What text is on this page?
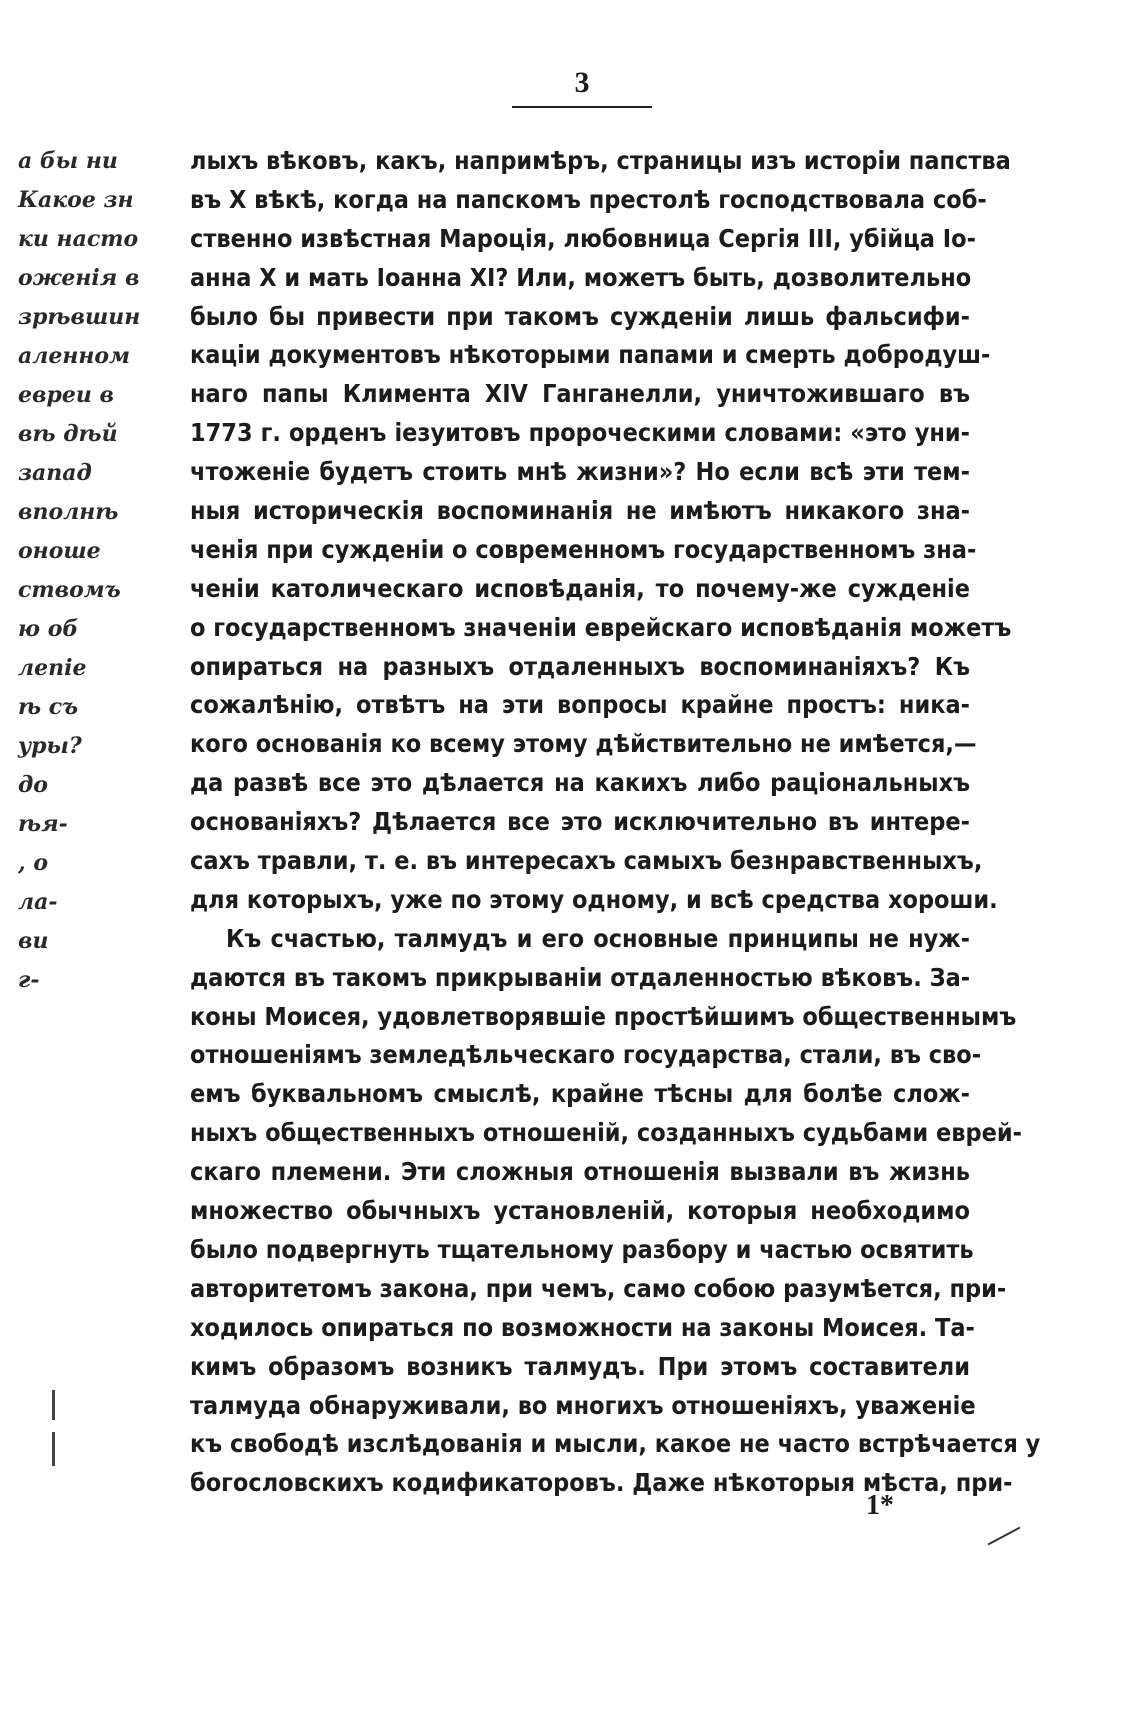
3
а бы ни
Какое зн
ки насто
оженія в
зрѣвшин
аленном
евреи в
вѣ дѣй
запад
вполнѣ
оноше
ствомъ
ю об
лепіе
ѣ съ
уры?
до
ѣя-
, о
ла-
ви
г-
лыхъ вѣковъ, какъ, напримѣръ, страницы изъ исторіи папства
въ X вѣкѣ, когда на папскомъ престолѣ господствовала соб-
ственно извѣстная Мароція, любовница Сергія III, убійца Іо-
анна X и мать Іоанна XI? Или, можетъ быть, дозволительно
было бы привести при такомъ сужденіи лишь фальсифи-
каціи документовъ нѣкоторыми папами и смерть добродуш-
наго папы Климента XIV Ганганелли, уничтожившаго въ
1773 г. орденъ іезуитовъ пророческими словами: «это уни-
чтоженіе будетъ стоить мнѣ жизни»? Но если всѣ эти тем-
ныя историческія воспоминанія не имѣютъ никакого зна-
ченія при сужденіи о современномъ государственномъ зна-
ченіи католическаго исповѣданія, то почему-же сужденіе
о государственномъ значеніи еврейскаго исповѣданія можетъ
опираться на разныхъ отдаленныхъ воспоминаніяхъ? Къ
сожалѣнію, отвѣтъ на эти вопросы крайне простъ: ника-
кого основанія ко всему этому дѣйствительно не имѣется,—
да развѣ все это дѣлается на какихъ либо раціональныхъ
основаніяхъ? Дѣлается все это исключительно въ интере-
сахъ травли, т. е. въ интересахъ самыхъ безнравственныхъ,
для которыхъ, уже по этому одному, и всѣ средства хороши.
Къ счастью, талмудъ и его основные принципы не нуж-
даются въ такомъ прикрываніи отдаленностью вѣковъ. За-
коны Моисея, удовлетворявшіе простѣйшимъ общественнымъ
отношеніямъ земледѣльческаго государства, стали, въ сво-
емъ буквальномъ смыслѣ, крайне тѣсны для болѣе слож-
ныхъ общественныхъ отношеній, созданныхъ судьбами еврей-
скаго племени. Эти сложныя отношенія вызвали въ жизнь
множество обычныхъ установленій, которыя необходимо
было подвергнуть тщательному разбору и частью освятить
авторитетомъ закона, при чемъ, само собою разумѣется, при-
ходилось опираться по возможности на законы Моисея. Та-
кимъ образомъ возникъ талмудъ. При этомъ составители
талмуда обнаруживали, во многихъ отношеніяхъ, уваженіе
къ свободѣ изслѣдованія и мысли, какое не часто встрѣчается у
богословскихъ кодификаторовъ. Даже нѣкоторыя мѣста, при-
1*
